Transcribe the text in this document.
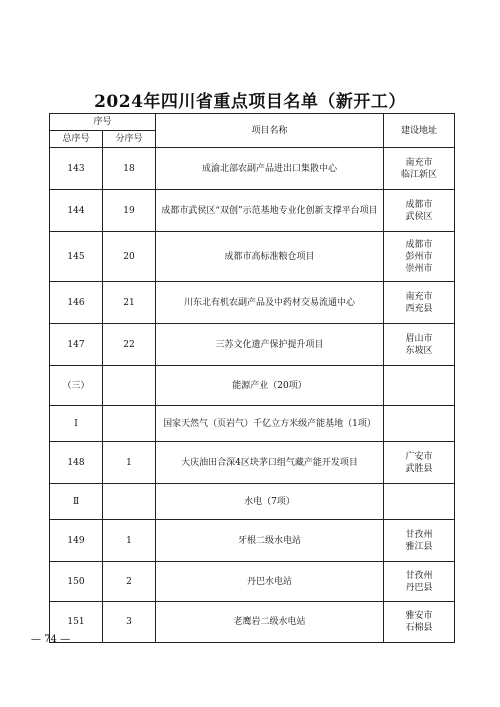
2024年四川省重点项目名单（新开工）
序号		项目名称	建设地址
总序号	分序号		
143	18	成渝北部农副产品进出口集散中心	南充市
临江新区

144	19	成都市武侯区“双创”示范基地专业化创新支撑平台项目	成都市
武侯区

145	20	成都市高标准粮仓项目	成都市
彭州市
崇州市

146	21	川东北有机农副产品及中药材交易流通中心	南充市
西充县

147	22	三苏文化遗产保护提升项目	眉山市
东坡区

（三）		能源产业（20项）	
Ⅰ		国家天然气（页岩气）千亿立方米级产能基地（1项）	
148	1	大庆油田合深4区块茅口组气藏产能开发项目	广安市
武胜县

Ⅱ		水电（7项）	
149	1	牙根二级水电站	甘孜州
雅江县

150	2	丹巴水电站	甘孜州
丹巴县

151	3	老鹰岩二级水电站	雅安市
石棉县
— 74 —
